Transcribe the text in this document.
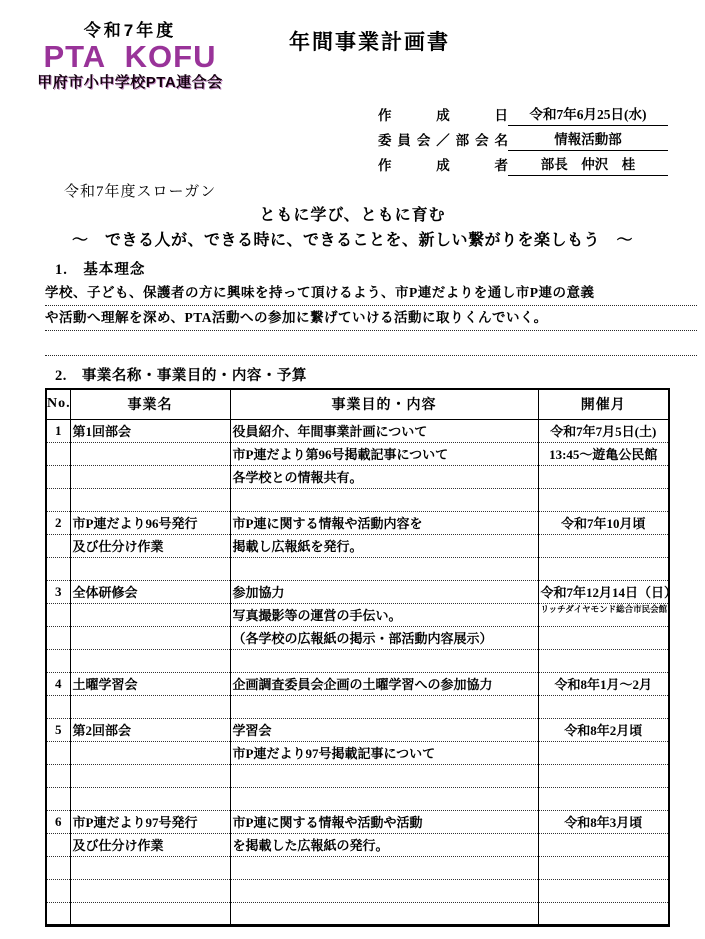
令和7年度
PTA KOFU
甲府市小中学校PTA連合会
年間事業計画書
作成日	令和7年6月25日(水)
委員会／部会名	情報活動部
作成者	部長　仲沢　桂
令和7年度スローガン
ともに学び、ともに育む
～　できる人が、できる時に、できることを、新しい繋がりを楽しもう　～
1.　基本理念
学校、子ども、保護者の方に興味を持って頂けるよう、市P連だよりを通し市P連の意義
や活動へ理解を深め、PTA活動への参加に繋げていける活動に取りくんでいく。
2.　事業名称・事業目的・内容・予算
No.	事業名	事業目的・内容	開催月
1	第1回部会	役員紹介、年間事業計画について	令和7年7月5日(土)
		市P連だより第96号掲載記事について	13:45～遊亀公民館
		各学校との情報共有。	

2	市P連だより96号発行	市P連に関する情報や活動内容を	令和7年10月頃
	及び仕分け作業	掲載し広報紙を発行。	

3	全体研修会	参加協力	令和7年12月14日（日）
		写真撮影等の運営の手伝い。	リッチダイヤモンド総合市民会館
		（各学校の広報紙の掲示・部活動内容展示）	

4	土曜学習会	企画調査委員会企画の土曜学習への参加協力	令和8年1月～2月

5	第2回部会	学習会	令和8年2月頃
		市P連だより97号掲載記事について	

6	市P連だより97号発行	市P連に関する情報や活動や活動	令和8年3月頃
	及び仕分け作業	を掲載した広報紙の発行。	
